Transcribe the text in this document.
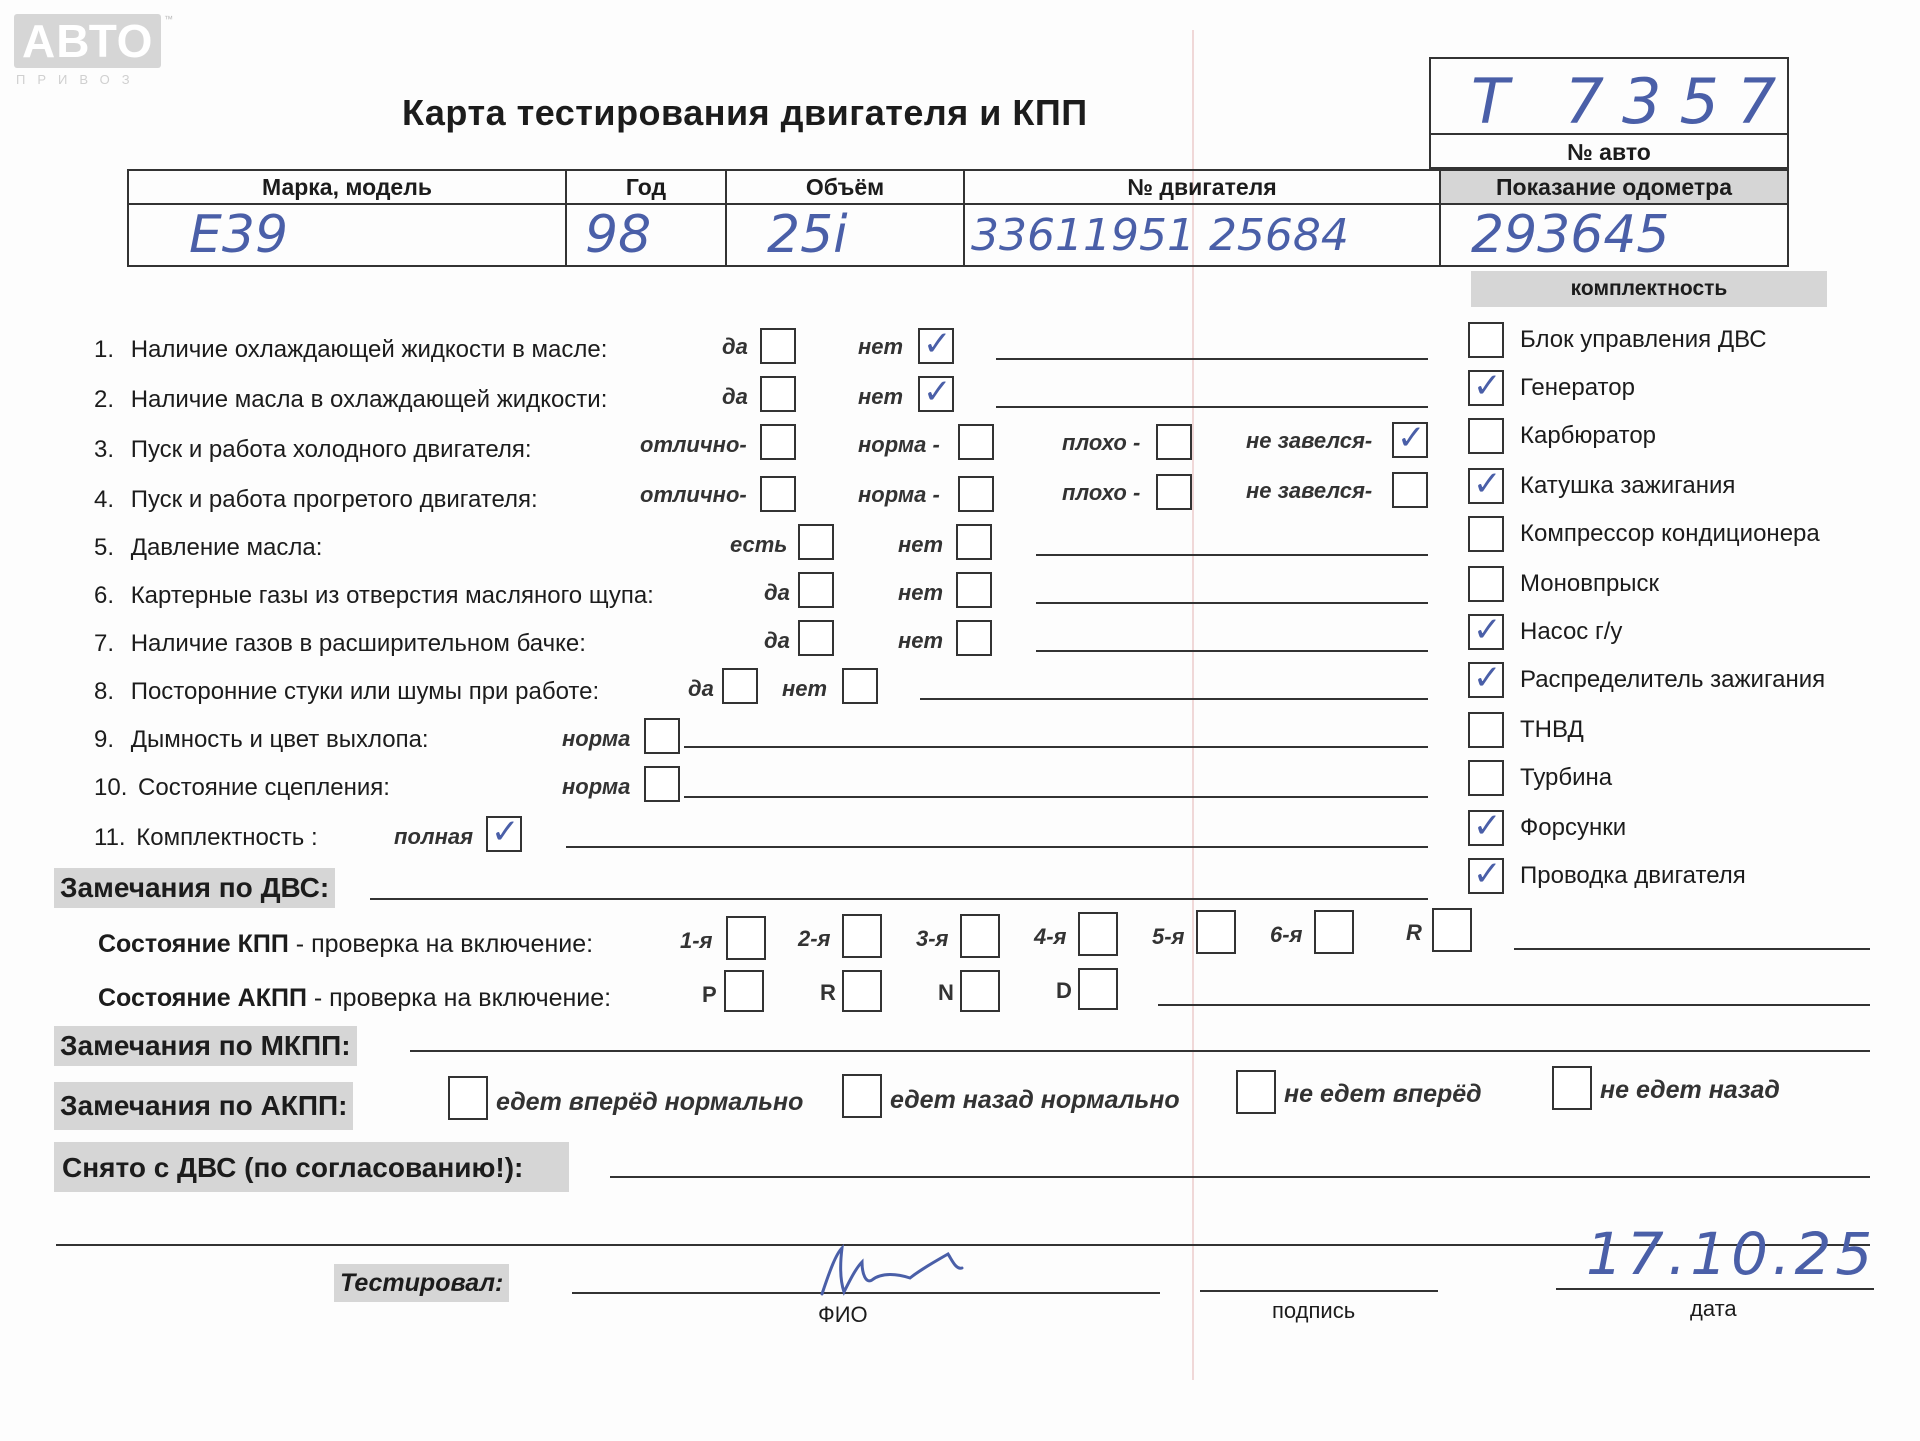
АВТО	™
ПРИВОЗ
Карта тестирования двигателя и КПП	Т 7357
№ авто
Марка, модель	Год	Объём	№ двигателя	Показание одометра
E39	98	25i	33611951 25684	293645
комплектность
1. Наличие охлаждающей жидкости в масле:	да	нет ✓
2. Наличие масла в охлаждающей жидкости:	да	нет ✓
3. Пуск и работа холодного двигателя:	отлично-	норма -	плохо -	не завелся- ✓
4. Пуск и работа прогретого двигателя:	отлично-	норма -	плохо -	не завелся-
5. Давление масла:	есть	нет
6. Картерные газы из отверстия масляного щупа:	да	нет
7. Наличие газов в расширительном бачке:	да	нет
8. Посторонние стуки или шумы при работе:	да	нет
9. Дымность и цвет выхлопа:	норма
10. Состояние сцепления:	норма
11. Комплектность :	полная ✓
Блок управления ДВС
✓ Генератор
Карбюратор
✓ Катушка зажигания
Компрессор кондиционера
Моновпрыск
✓ Насос г/у
✓ Распределитель зажигания
ТНВД
Турбина
✓ Форсунки
✓ Проводка двигателя
Замечания по ДВС:
Состояние КПП - проверка на включение:	1-я	2-я	3-я	4-я	5-я	6-я	R
Состояние АКПП - проверка на включение:	P	R	N	D
Замечания по МКПП:
Замечания по АКПП:	едет вперёд нормально	едет назад нормально	не едет вперёд	не едет назад
Снято с ДВС (по согласованию!):
Тестировал:
ФИО	подпись	дата
17.10.25
